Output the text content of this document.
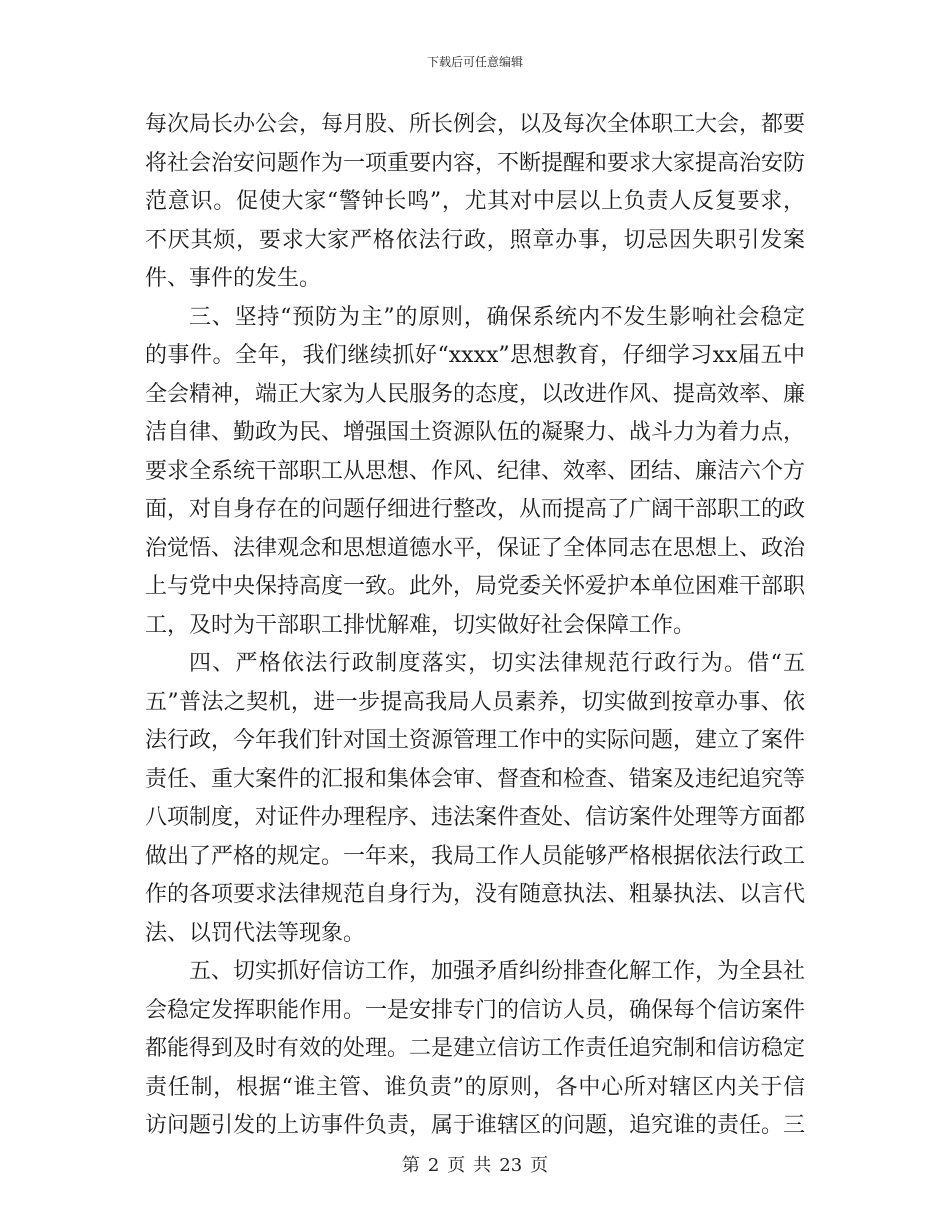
下载后可任意编辑

每次局长办公会，每月股、所长例会，以及每次全体职工大会，都要将社会治安问题作为一项重要内容，不断提醒和要求大家提高治安防范意识。促使大家“警钟长鸣”，尤其对中层以上负责人反复要求，不厌其烦，要求大家严格依法行政，照章办事，切忌因失职引发案件、事件的发生。

三、坚持“预防为主”的原则，确保系统内不发生影响社会稳定的事件。全年，我们继续抓好“xxxx”思想教育，仔细学习xx届五中全会精神，端正大家为人民服务的态度，以改进作风、提高效率、廉洁自律、勤政为民、增强国土资源队伍的凝聚力、战斗力为着力点，要求全系统干部职工从思想、作风、纪律、效率、团结、廉洁六个方面，对自身存在的问题仔细进行整改，从而提高了广阔干部职工的政治觉悟、法律观念和思想道德水平，保证了全体同志在思想上、政治上与党中央保持高度一致。此外，局党委关怀爱护本单位困难干部职工，及时为干部职工排忧解难，切实做好社会保障工作。

四、严格依法行政制度落实，切实法律规范行政行为。借“五五”普法之契机，进一步提高我局人员素养，切实做到按章办事、依法行政，今年我们针对国土资源管理工作中的实际问题，建立了案件责任、重大案件的汇报和集体会审、督查和检查、错案及违纪追究等八项制度，对证件办理程序、违法案件查处、信访案件处理等方面都做出了严格的规定。一年来，我局工作人员能够严格根据依法行政工作的各项要求法律规范自身行为，没有随意执法、粗暴执法、以言代法、以罚代法等现象。

五、切实抓好信访工作，加强矛盾纠纷排查化解工作，为全县社会稳定发挥职能作用。一是安排专门的信访人员，确保每个信访案件都能得到及时有效的处理。二是建立信访工作责任追究制和信访稳定责任制，根据“谁主管、谁负责”的原则，各中心所对辖区内关于信访问题引发的上访事件负责，属于谁辖区的问题，追究谁的责任。三

第 2 页 共 23 页
